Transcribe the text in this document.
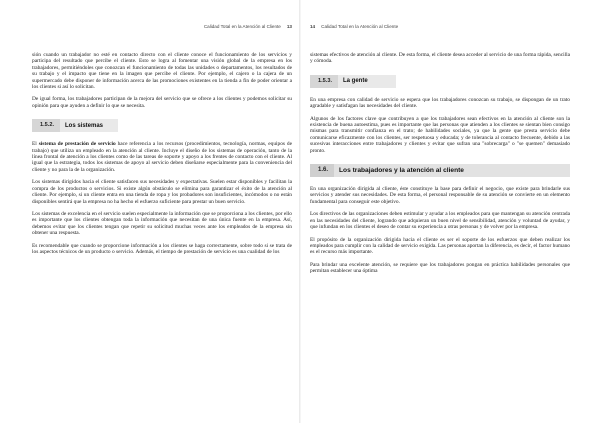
Calidad Total en la Atención al Cliente 13

sión cuando un trabajador no esté en contacto directo con el cliente conoce el funcionamiento de los servicios y participa del resultado que percibe el cliente. Esto se logra al fomentar una visión global de la empresa en los trabajadores, permitiéndoles que conozcan el funcionamiento de todas las unidades o departamentos, los resultados de su trabajo y el impacto que tiene en la imagen que percibe el cliente. Por ejemplo, el cajero o la cajera de un supermercado debe disponer de información acerca de las promociones existentes en la tienda a fin de poder orientar a los clientes si así lo solicitan.

De igual forma, los trabajadores participan de la mejora del servicio que se ofrece a los clientes y podemos solicitar su opinión para que ayuden a definir lo que se necesita.

1.5.2.	Los sistemas

El sistema de prestación de servicio hace referencia a los recursos (procedimientos, tecnología, normas, equipos de trabajo) que utiliza un empleado en la atención al cliente. Incluye el diseño de los sistemas de operación, tanto de la línea frontal de atención a los clientes como de las tareas de soporte y apoyo a los frentes de contacto con el cliente. Al igual que la estrategia, todos los sistemas de apoyo al servicio deben diseñarse especialmente para la conveniencia del cliente y no para la de la organización.

Los sistemas dirigidos hacia el cliente satisfacen sus necesidades y expectativas. Suelen estar disponibles y facilitan la compra de los productos o servicios. Si existe algún obstáculo se elimina para garantizar el éxito de la atención al cliente. Por ejemplo, si un cliente entra en una tienda de ropa y los probadores son insuficientes, incómodos o no están disponibles sentirá que la empresa no ha hecho el esfuerzo suficiente para prestar un buen servicio.

Los sistemas de excelencia en el servicio suelen especialmente la información que se proporciona a los clientes, por ello es importante que los clientes obtengan toda la información que necesitan de una única fuente en la empresa. Así, debemos evitar que los clientes tengan que repetir su solicitud muchas veces ante los empleados de la empresa sin obtener una respuesta.

Es recomendable que cuando se proporcione información a los clientes se haga correctamente, sobre todo si se trata de los aspectos técnicos de un producto o servicio. Además, el tiempo de prestación de servicio es una cualidad de los

14 Calidad Total en la Atención al Cliente

sistemas efectivos de atención al cliente. De esta forma, el cliente desea acceder al servicio de una forma rápida, sencilla y cómoda.

1.5.3.	La gente

En una empresa con calidad de servicio se espera que los trabajadores conozcan su trabajo, se dispongan de un trato agradable y satisfagan las necesidades del cliente.

Algunos de los factores clave que contribuyen a que los trabajadores sean efectivos en la atención al cliente son la existencia de buena autoestima, pues es importante que las personas que atienden a los clientes se sientan bien consigo mismas para transmitir confianza en el trato; de habilidades sociales, ya que la gente que presta servicio debe comunicarse eficazmente con los clientes, ser respetuosa y educada; y de tolerancia al contacto frecuente, debido a las sucesivas interacciones entre trabajadores y clientes y evitar que sufran una "sobrecarga" o "se quemen" demasiado pronto.

1.6.	Los trabajadores y la atención al cliente

En una organización dirigida al cliente, éste constituye la base para definir el negocio, que existe para brindarle sus servicios y atender sus necesidades. De esta forma, el personal responsable de su atención se convierte en un elemento fundamental para conseguir este objetivo.

Los directivos de las organizaciones deben estimular y ayudar a los empleados para que mantengan su atención centrada en las necesidades del cliente, logrando que adquieran un buen nivel de sensibilidad, atención y voluntad de ayudar, y que infundan en los clientes el deseo de contar su experiencia a otras personas y de volver por la empresa.

El propósito de la organización dirigida hacia el cliente es ser el soporte de los esfuerzos que deben realizar los empleados para cumplir con la calidad de servicio exigida. Las personas aportan la diferencia, es decir, el factor humano es el recurso más importante.

Para brindar una excelente atención, se requiere que los trabajadores pongan en práctica habilidades personales que permitan establecer una óptima
